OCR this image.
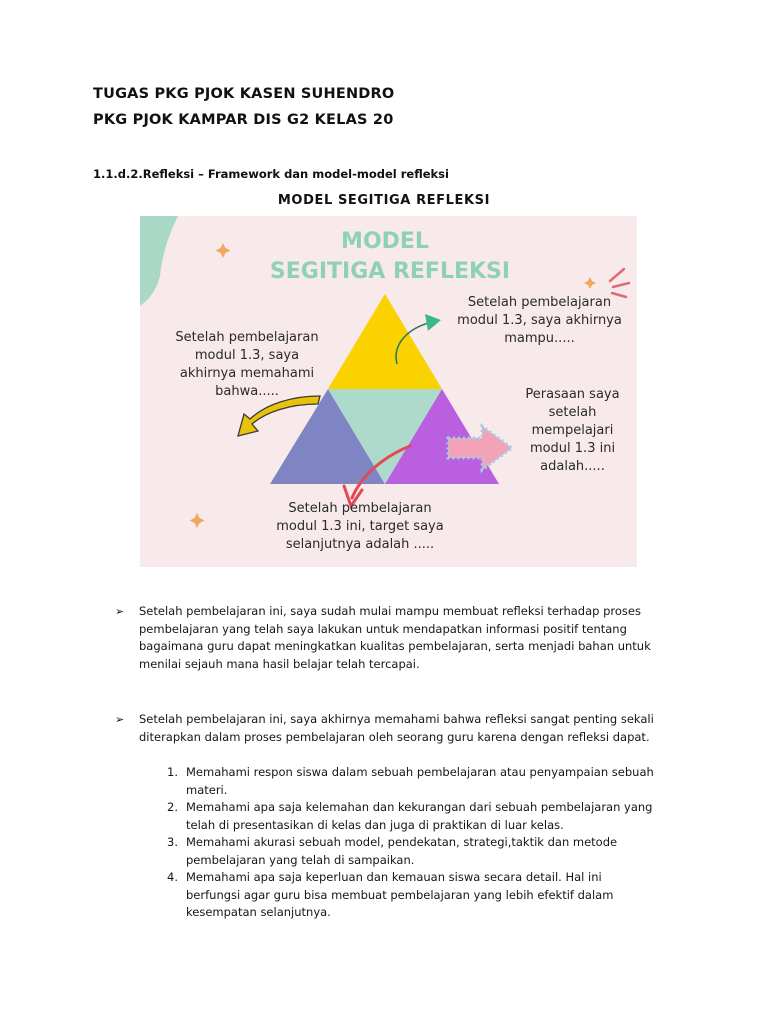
TUGAS PKG PJOK KASEN SUHENDRO
PKG PJOK KAMPAR DIS G2 KELAS 20
1.1.d.2.Refleksi – Framework dan model-model refleksi
MODEL SEGITIGA REFLEKSI
MODEL
SEGITIGA REFLEKSI
Setelah pembelajaran
modul 1.3, saya
akhirnya memahami
bahwa.....
Setelah pembelajaran
modul 1.3, saya akhirnya
mampu.....
Perasaan saya
setelah
mempelajari
modul 1.3 ini
adalah.....
Setelah pembelajaran
modul 1.3 ini, target saya
selanjutnya adalah .....
➢ Setelah pembelajaran ini, saya sudah mulai mampu membuat refleksi terhadap proses pembelajaran yang telah saya lakukan untuk mendapatkan informasi positif tentang bagaimana guru dapat meningkatkan kualitas pembelajaran, serta menjadi bahan untuk menilai sejauh mana hasil belajar telah tercapai.
➢ Setelah pembelajaran ini, saya akhirnya memahami bahwa refleksi sangat penting sekali diterapkan dalam proses pembelajaran oleh seorang guru karena dengan refleksi dapat.
1. Memahami respon siswa dalam sebuah pembelajaran atau penyampaian sebuah materi.
2. Memahami apa saja kelemahan dan kekurangan dari sebuah pembelajaran yang telah di presentasikan di kelas dan juga di praktikan di luar kelas.
3. Memahami akurasi sebuah model, pendekatan, strategi,taktik dan metode pembelajaran yang telah di sampaikan.
4. Memahami apa saja keperluan dan kemauan siswa secara detail. Hal ini berfungsi agar guru bisa membuat pembelajaran yang lebih efektif dalam kesempatan selanjutnya.
